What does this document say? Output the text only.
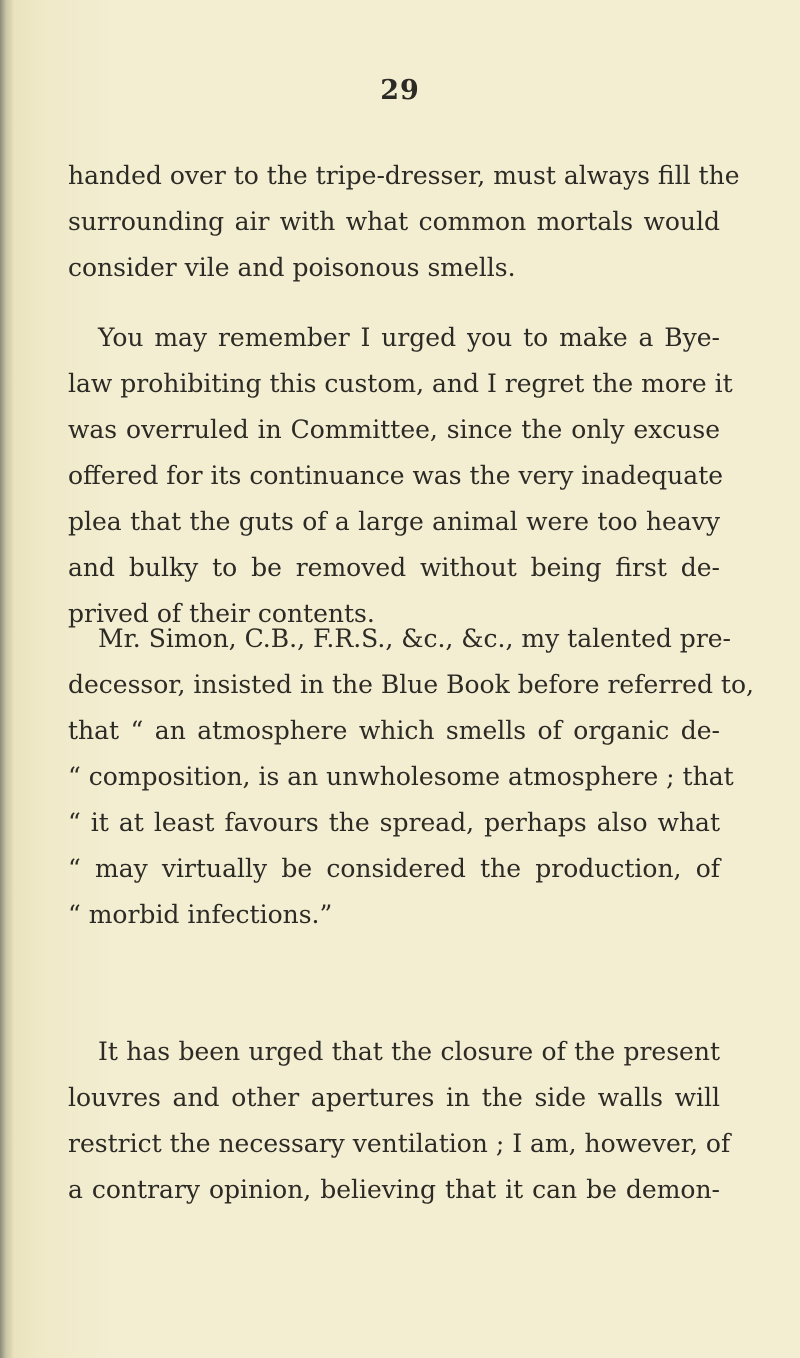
29
handed over to the tripe-dresser, must always fill the
surrounding air with what common mortals would
consider vile and poisonous smells.
You may remember I urged you to make a Bye-
law prohibiting this custom, and I regret the more it
was overruled in Committee, since the only excuse
offered for its continuance was the very inadequate
plea that the guts of a large animal were too heavy
and bulky to be removed without being first de-
prived of their contents.
Mr. Simon, C.B., F.R.S., &c., &c., my talented pre-
decessor, insisted in the Blue Book before referred to,
that “ an atmosphere which smells of organic de-
“ composition, is an unwholesome atmosphere ; that
“ it at least favours the spread, perhaps also what
“ may virtually be considered the production, of
“ morbid infections.”
It has been urged that the closure of the present
louvres and other apertures in the side walls will
restrict the necessary ventilation ; I am, however, of
a contrary opinion, believing that it can be demon-
